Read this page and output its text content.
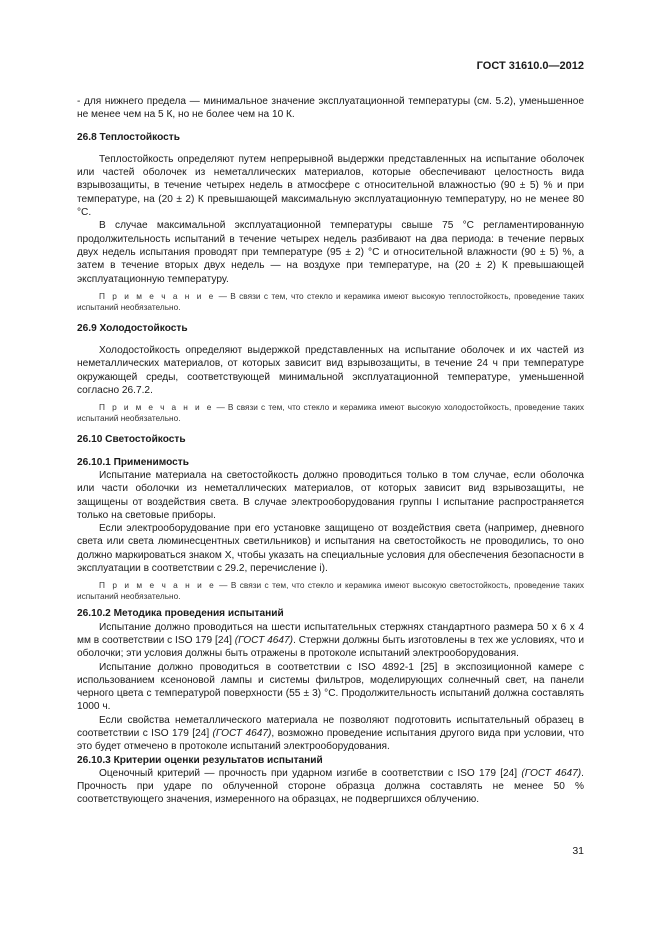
ГОСТ 31610.0—2012

- для нижнего предела — минимальное значение эксплуатационной температуры (см. 5.2), уменьшенное не менее чем на 5 К, но не более чем на 10 К.

26.8 Теплостойкость

Теплостойкость определяют путем непрерывной выдержки представленных на испытание оболочек или частей оболочек из неметаллических материалов, которые обеспечивают целостность вида взрывозащиты, в течение четырех недель в атмосфере с относительной влажностью (90 ± 5) % и при температуре, на (20 ± 2) К превышающей максимальную эксплуатационную температуру, но не менее 80 °С.

В случае максимальной эксплуатационной температуры свыше 75 °С регламентированную продолжительность испытаний в течение четырех недель разбивают на два периода: в течение первых двух недель испытания проводят при температуре (95 ± 2) °С и относительной влажности (90 ± 5) %, а затем в течение вторых двух недель — на воздухе при температуре, на (20 ± 2) К превышающей эксплуатационную температуру.

П р и м е ч а н и е — В связи с тем, что стекло и керамика имеют высокую теплостойкость, проведение таких испытаний необязательно.

26.9 Холодостойкость

Холодостойкость определяют выдержкой представленных на испытание оболочек и их частей из неметаллических материалов, от которых зависит вид взрывозащиты, в течение 24 ч при температуре окружающей среды, соответствующей минимальной эксплуатационной температуре, уменьшенной согласно 26.7.2.

П р и м е ч а н и е — В связи с тем, что стекло и керамика имеют высокую холодостойкость, проведение таких испытаний необязательно.

26.10 Светостойкость

26.10.1 Применимость

Испытание материала на светостойкость должно проводиться только в том случае, если оболочка или части оболочки из неметаллических материалов, от которых зависит вид взрывозащиты, не защищены от воздействия света. В случае электрооборудования группы I испытание распространяется только на световые приборы.

Если электрооборудование при его установке защищено от воздействия света (например, дневного света или света люминесцентных светильников) и испытания на светостойкость не проводились, то оно должно маркироваться знаком X, чтобы указать на специальные условия для обеспечения безопасности в эксплуатации в соответствии с 29.2, перечисление i).

П р и м е ч а н и е — В связи с тем, что стекло и керамика имеют высокую светостойкость, проведение таких испытаний необязательно.

26.10.2 Методика проведения испытаний

Испытание должно проводиться на шести испытательных стержнях стандартного размера 50 х 6 х 4 мм в соответствии с ISO 179 [24] (ГОСТ 4647). Стержни должны быть изготовлены в тех же условиях, что и оболочки; эти условия должны быть отражены в протоколе испытаний электрооборудования.

Испытание должно проводиться в соответствии с ISO 4892-1 [25] в экспозиционной камере с использованием ксеноновой лампы и системы фильтров, моделирующих солнечный свет, на панели черного цвета с температурой поверхности (55 ± 3) °С. Продолжительность испытаний должна составлять 1000 ч.

Если свойства неметаллического материала не позволяют подготовить испытательный образец в соответствии с ISO 179 [24] (ГОСТ 4647), возможно проведение испытания другого вида при условии, что это будет отмечено в протоколе испытаний электрооборудования.

26.10.3 Критерии оценки результатов испытаний

Оценочный критерий — прочность при ударном изгибе в соответствии с ISO 179 [24] (ГОСТ 4647). Прочность при ударе по облученной стороне образца должна составлять не менее 50 % соответствующего значения, измеренного на образцах, не подвергшихся облучению.

31
